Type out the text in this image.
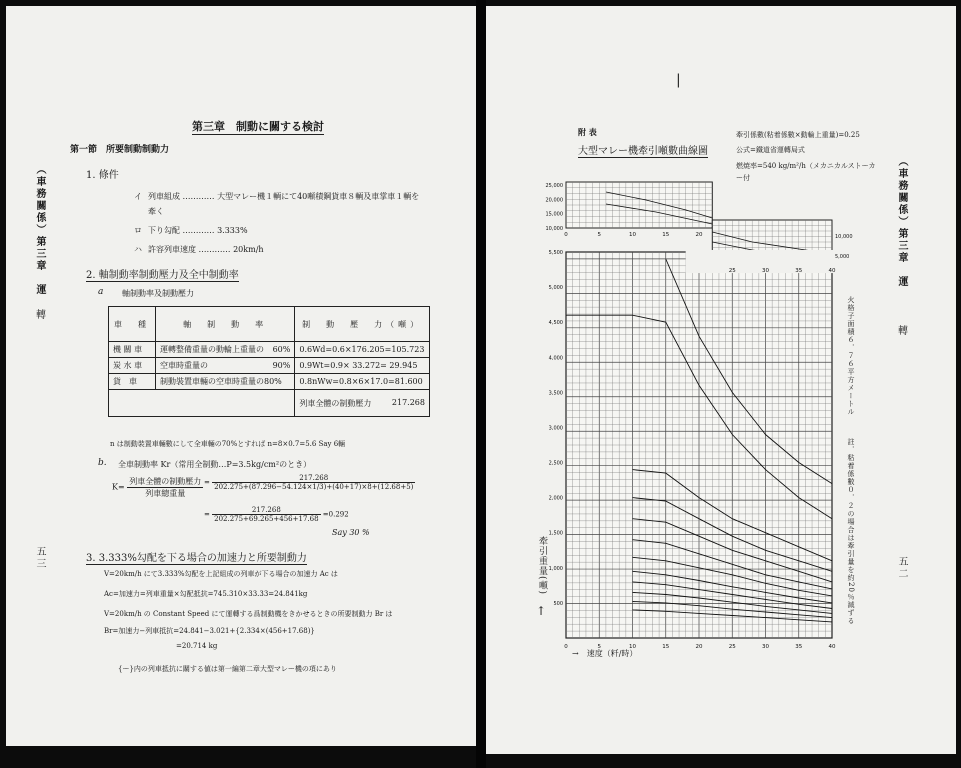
第三章　制動に關する検討
第一節　所要制動制動力
1. 條件
イ 列車組成 ………… 大型マレー機１輌にて40噸積鋼貨車８輌及車掌車１輌を
牽く
ロ 下り勾配 ………… 3.333%
ハ 許容列車速度 ………… 20km/h
2. 軸制動率制動壓力及全中制動率
a 軸制動率及制動壓力
車　種	軸　制　動　率		制　動　壓　力（噸）
機 關 車	運轉整備重量の動輪上重量の	60%	0.6Wd=0.6×176.205=105.723
炭 水 車	空車時重量の	90%	0.9Wt=0.9× 33.272= 29.945
貨　車	制動裝置車輛の空車時重量の80%		0.8nWw=0.8×6×17.0=81.600
			列車全體の制動壓力 217.268
n は制動裝置車輛數にして全車輛の70%とすれば n=8×0.7=5.6 Say 6輛
b. 全車制動率 Kr（常用全制動…P=3.5kg/cm²のとき）
$K= \frac{\text{列車全體の制動壓力}}{\text{列車總重量}} = \frac{217.268}{202.275+(87.296-54.124\times 1/3)+(40+17)\times 8+(12.68+5)}$
= $\frac{217.268}{202.275+69.265+456+17.68} =0.292$
Say 30 %
3. 3.333%勾配を下る場合の加速力と所要制動力
V=20km/h にて3.333%勾配を上記組成の列車が下る場合の加速力 Ac は
Ac=加速力=列車重量×勾配抵抗=745.310×33.33=24.841kg
V=20km/h の Constant Speed にて運轉する爲制動機をきかせるときの所要制動力 Br は
Br=加速力−列車抵抗=24.841−3.021+{2.334×(456+17.68)}
=20.714 kg
{ー}内の列車抵抗に關する値は第一編第二章大型マレー機の項にあり
（車務關係）第三章　運
轉
五三
|
附 表
大型マレー機牽引噸數曲線圖
牽引係數(粘着係數×動輪上重量)=0.25
公式=鐵道省運轉局式
燃焼率=540 kg/m²/h（メカニカルストーカー付
0	5	10	15	20	25	30	35	40
500
1,000
1,500
2,000
2,500
3,000
3,500
4,000
4,500
5,000
5,500
0	5	10	15	20
10,000
15,000
20,000
25,000
25	30	35	40
5,000
10,000
牽引重量(噸)
↑
→　速度（粁/時）
（車務關係）第三章　運
轉
火格子面積６．７６平方メートル
註．粘着係數０．２の場合は牽引量を約20％減ずる	五二
